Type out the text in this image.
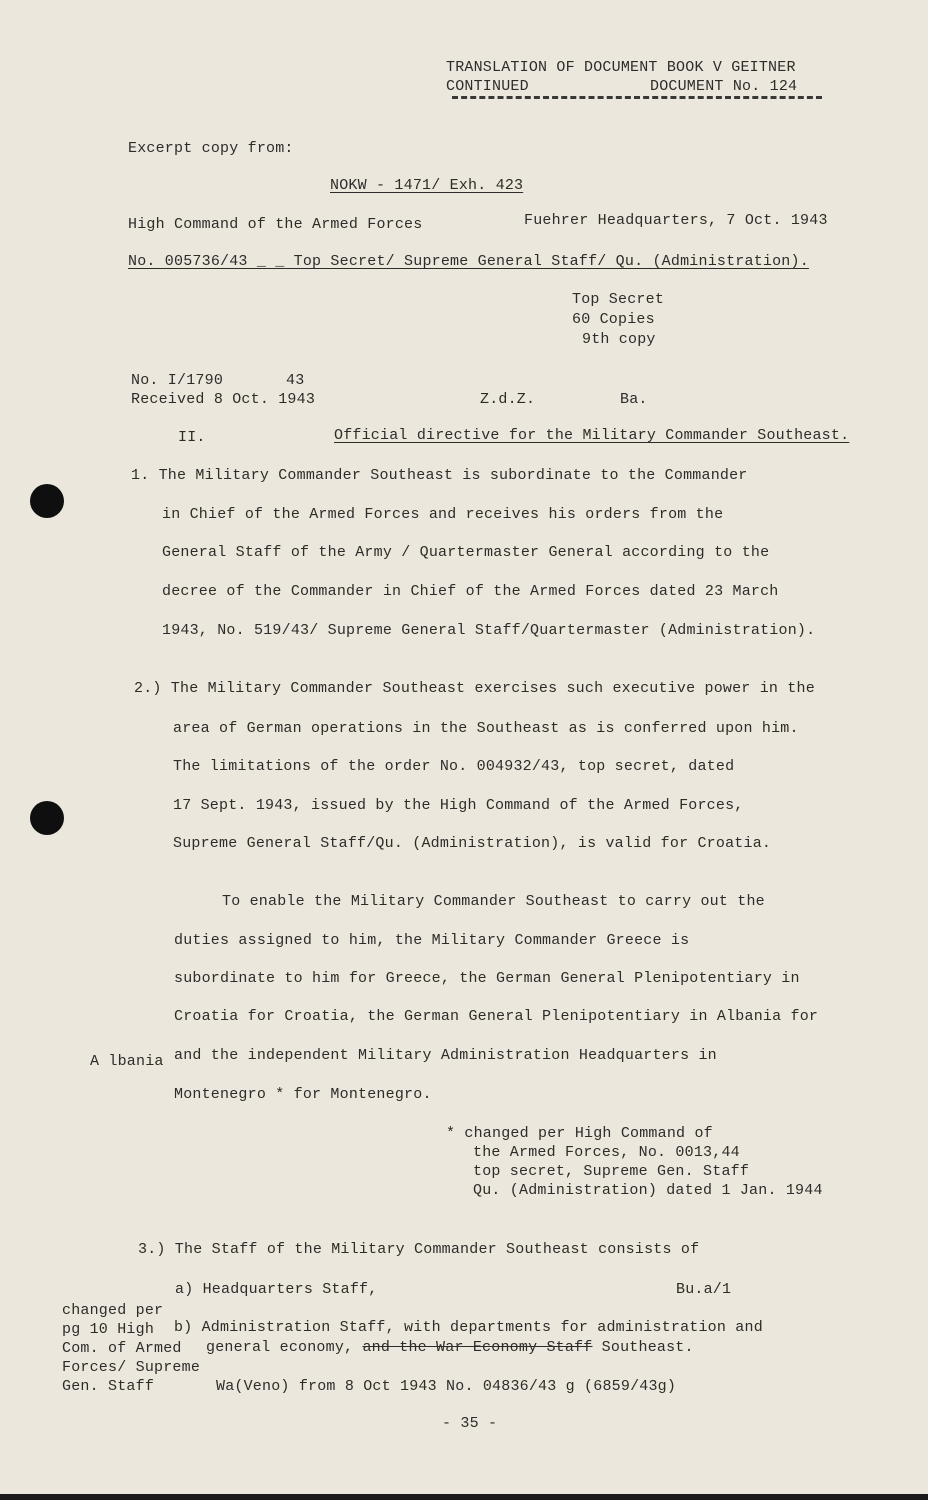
TRANSLATION OF DOCUMENT BOOK V GEITNER
CONTINUED	DOCUMENT No. 124
Excerpt copy from:
NOKW - 1471/ Exh. 423
High Command of the Armed Forces	Fuehrer Headquarters, 7 Oct. 1943
No. 005736/43 _ _ Top Secret/ Supreme General Staff/ Qu. (Administration).
Top Secret
60 Copies
9th copy
No. I/1790	43
Received 8 Oct. 1943	Z.d.Z.	Ba.
II.	Official directive for the Military Commander Southeast.
1. The Military Commander Southeast is subordinate to the Commander
in Chief of the Armed Forces and receives his orders from the
General Staff of the Army / Quartermaster General according to the
decree of the Commander in Chief of the Armed Forces dated 23 March
1943, No. 519/43/ Supreme General Staff/Quartermaster (Administration).
2.) The Military Commander Southeast exercises such executive power in the
area of German operations in the Southeast as is conferred upon him.
The limitations of the order No. 004932/43, top secret, dated
17 Sept. 1943, issued by the High Command of the Armed Forces,
Supreme General Staff/Qu. (Administration), is valid for Croatia.
To enable the Military Commander Southeast to carry out the
duties assigned to him, the Military Commander Greece is
subordinate to him for Greece, the German General Plenipotentiary in
Croatia for Croatia, the German General Plenipotentiary in Albania for
A lbania and the independent Military Administration Headquarters in
Montenegro * for Montenegro.
* changed per High Command of
the Armed Forces, No. 0013,44
top secret, Supreme Gen. Staff
Qu. (Administration) dated 1 Jan. 1944
3.) The Staff of the Military Commander Southeast consists of
a) Headquarters Staff,	Bu.a/1
changed per
pg 10 High
Com. of Armed
Forces/ Supreme
Gen. Staff
b) Administration Staff, with departments for administration and
general economy, and the War Economy Staff Southeast.
Wa(Veno) from 8 Oct 1943 No. 04836/43 g (6859/43g)
- 35 -
